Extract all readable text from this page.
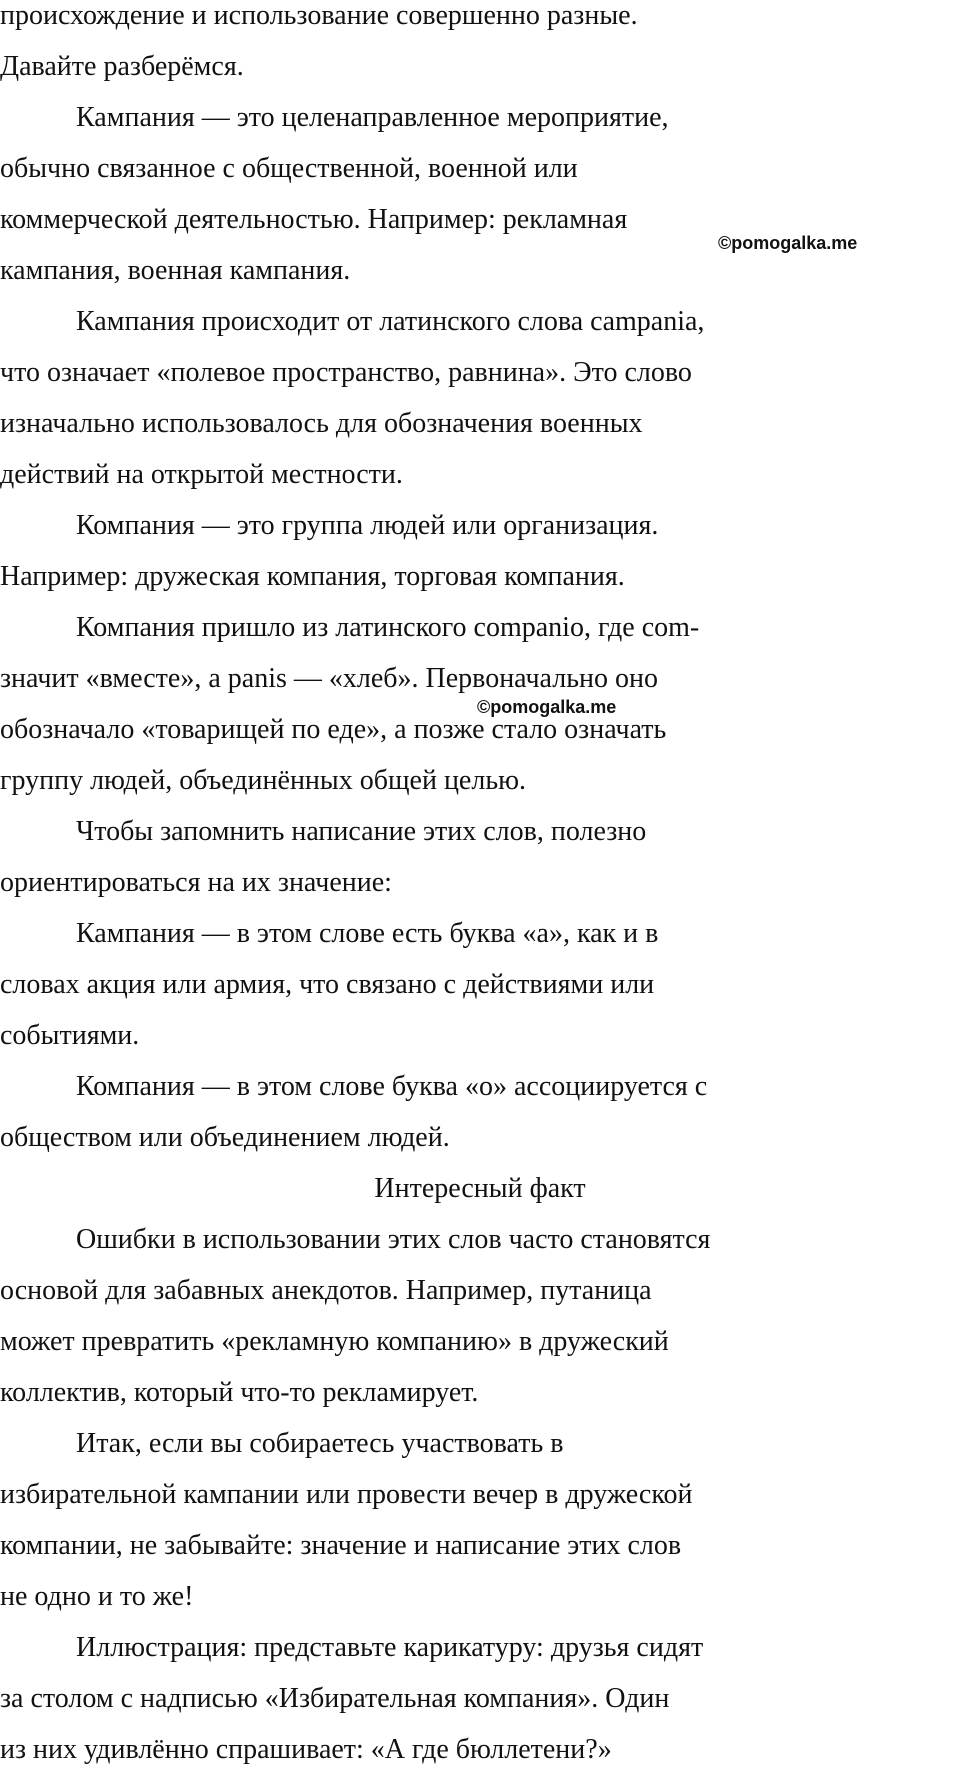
происхождение и использование совершенно разные.
Давайте разберёмся.
Кампания — это целенаправленное мероприятие,
обычно связанное с общественной, военной или
коммерческой деятельностью. Например: рекламная
кампания, военная кампания.
Кампания происходит от латинского слова campania,
что означает «полевое пространство, равнина». Это слово
изначально использовалось для обозначения военных
действий на открытой местности.
Компания — это группа людей или организация.
Например: дружеская компания, торговая компания.
Компания пришло из латинского companio, где com-
значит «вместе», а panis — «хлеб». Первоначально оно
обозначало «товарищей по еде», а позже стало означать
группу людей, объединённых общей целью.
Чтобы запомнить написание этих слов, полезно
ориентироваться на их значение:
Кампания — в этом слове есть буква «а», как и в
словах акция или армия, что связано с действиями или
событиями.
Компания — в этом слове буква «о» ассоциируется с
обществом или объединением людей.
Интересный факт
Ошибки в использовании этих слов часто становятся
основой для забавных анекдотов. Например, путаница
может превратить «рекламную компанию» в дружеский
коллектив, который что-то рекламирует.
Итак, если вы собираетесь участвовать в
избирательной кампании или провести вечер в дружеской
компании, не забывайте: значение и написание этих слов
не одно и то же!
Иллюстрация: представьте карикатуру: друзья сидят
за столом с надписью «Избирательная компания». Один
из них удивлённо спрашивает: «А где бюллетени?»
©pomogalka.me
©pomogalka.me
